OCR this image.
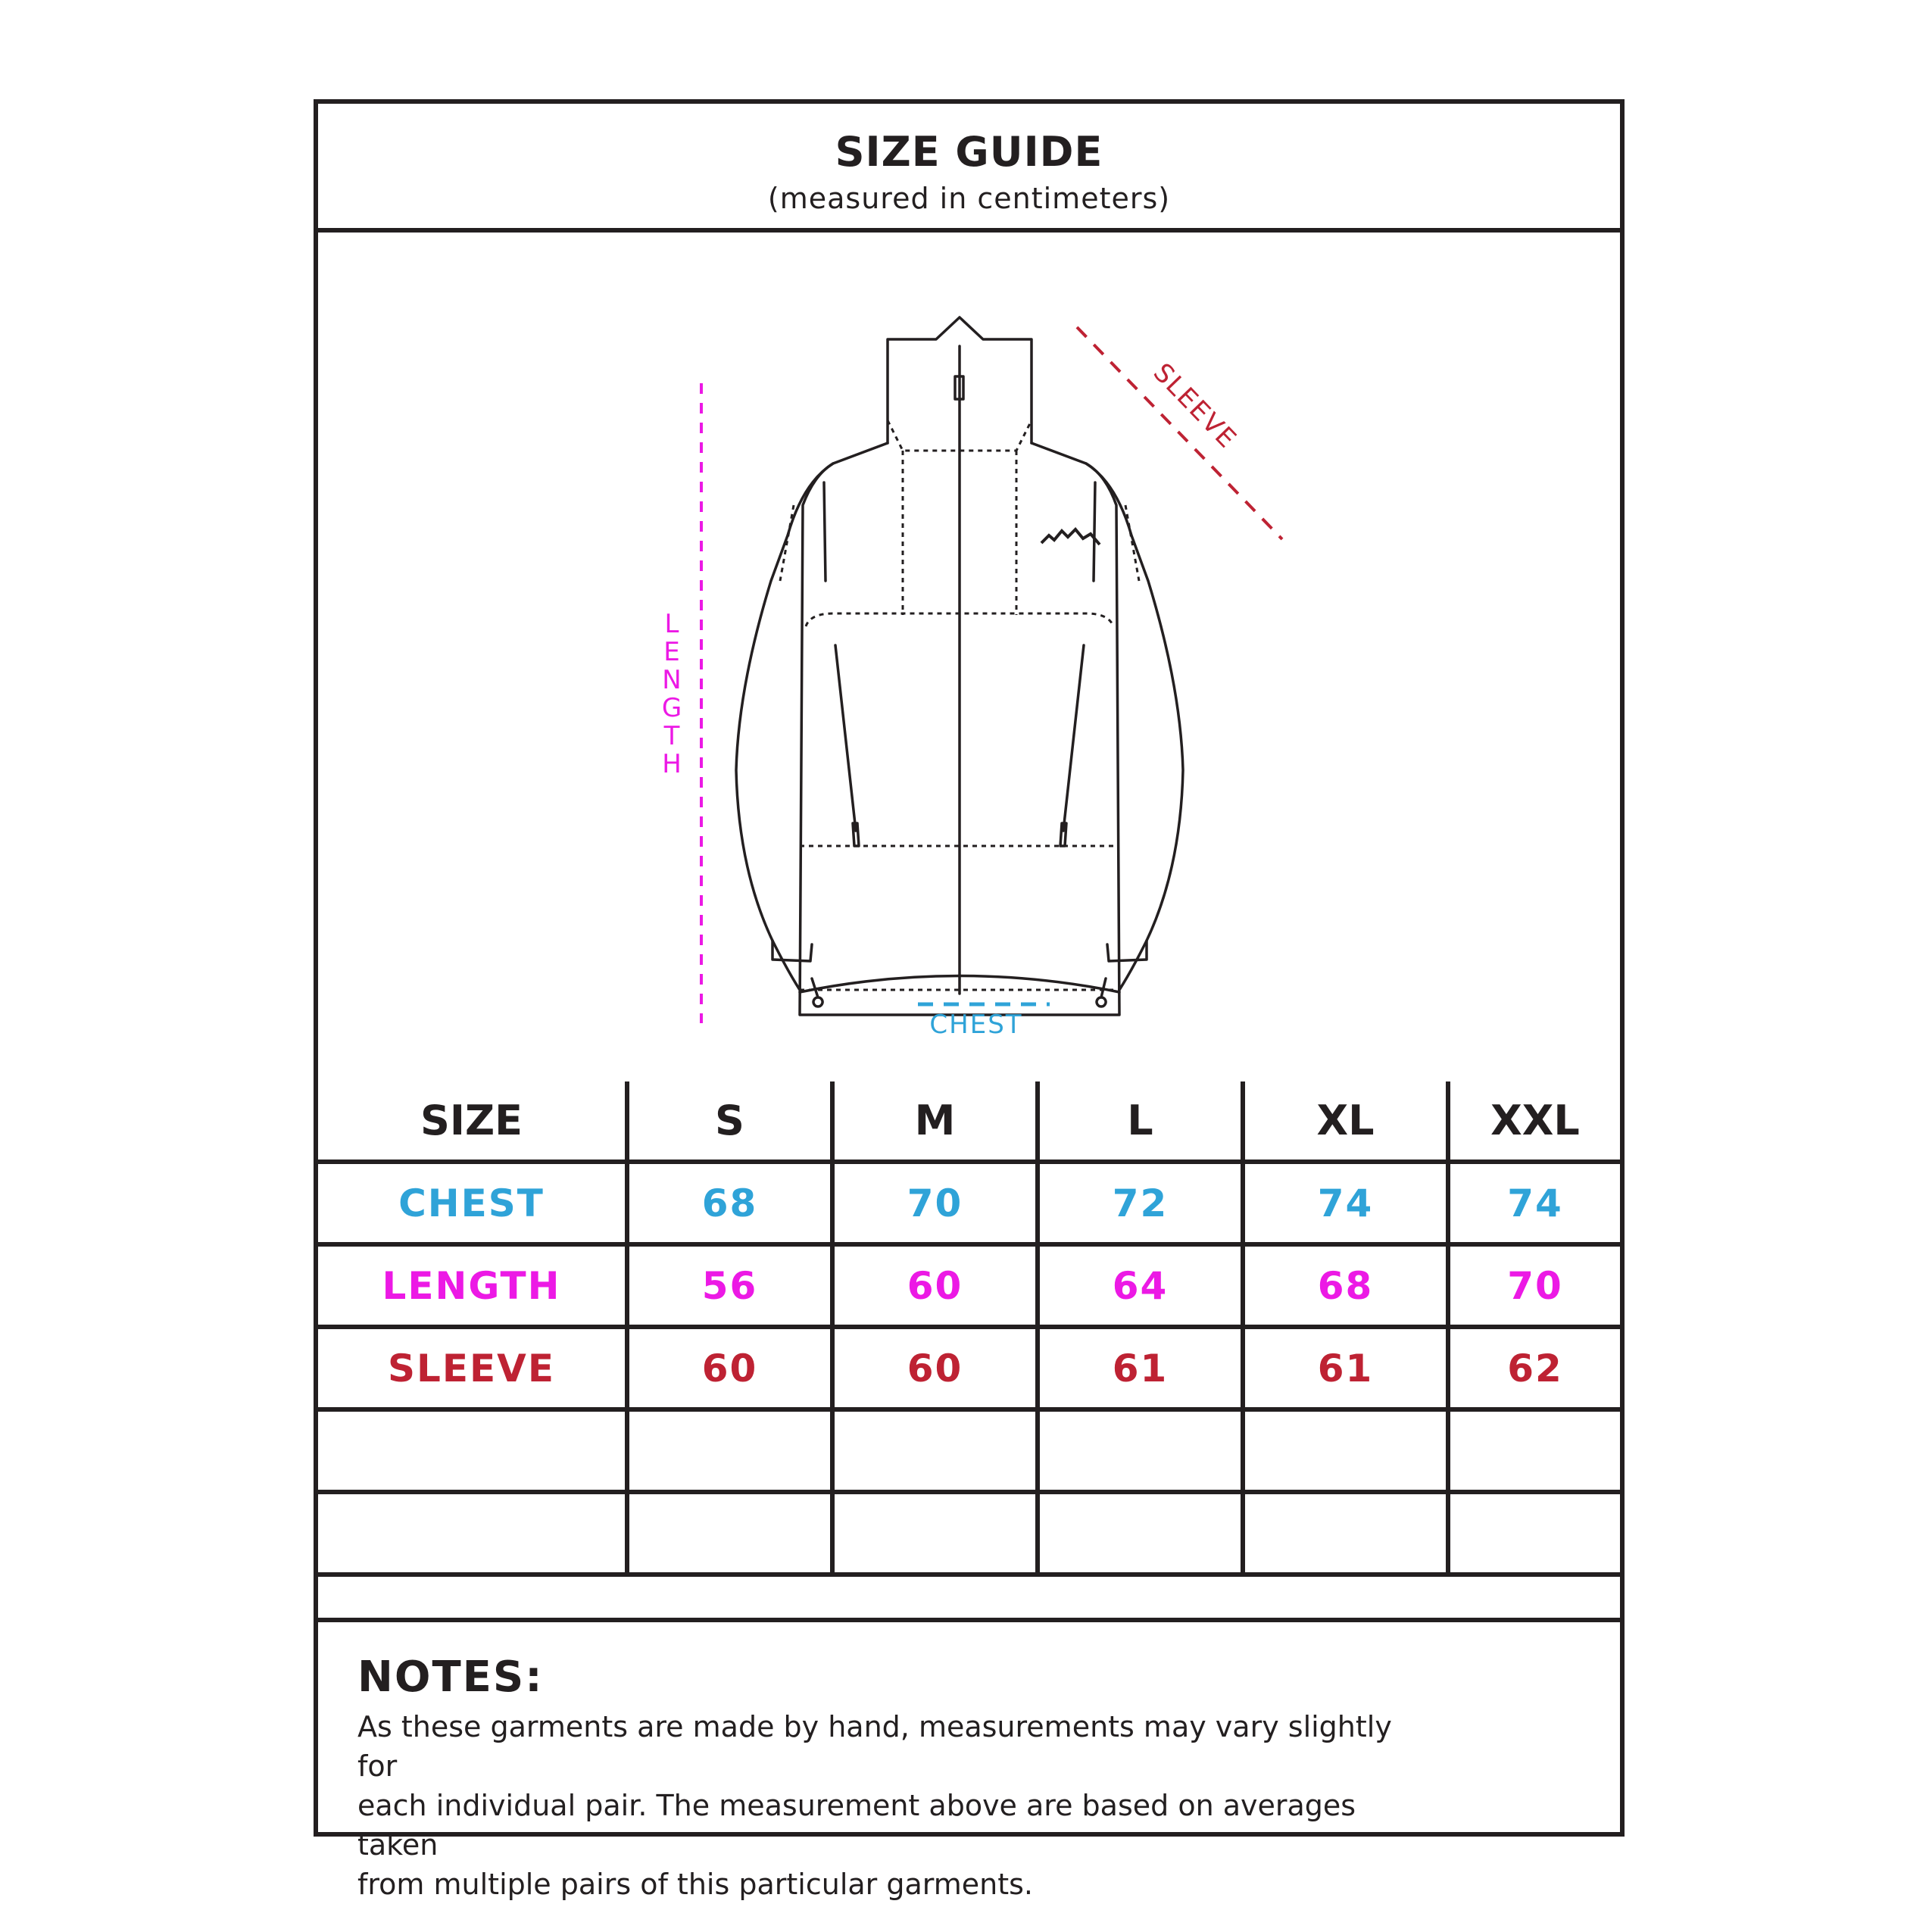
SIZE GUIDE
(measured in centimeters)
L
E
N
G
T
H
SLEEVE
CHEST
SIZE	S	M	L	XL	XXL
CHEST	68	70	72	74	74
LENGTH	56	60	64	68	70
SLEEVE	60	60	61	61	62

NOTES:
As these garments are made by hand, measurements may vary slightly for
each individual pair. The measurement above are based on averages taken
from multiple pairs of this particular garments.
